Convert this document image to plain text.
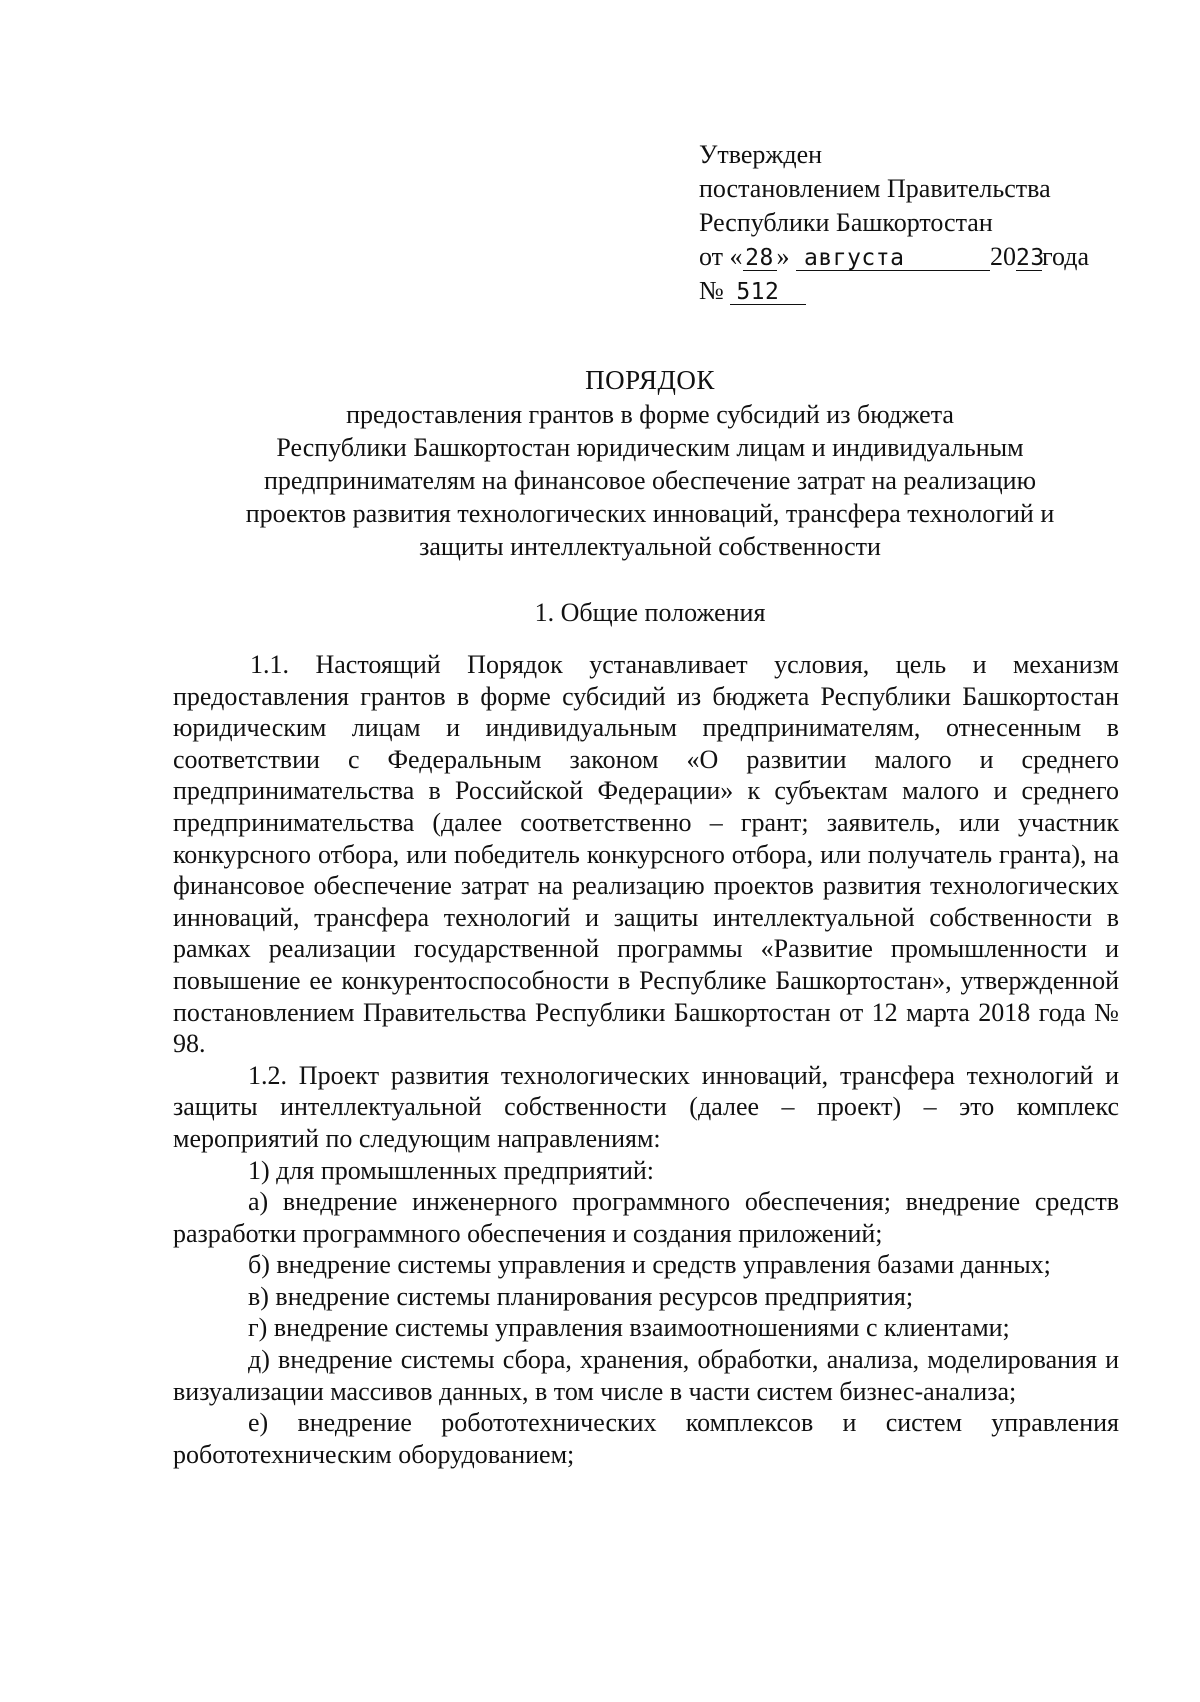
Утвержден
постановлением Правительства
Республики Башкортостан
от « 28 » августа	2023года
№ 512
ПОРЯДОК
предоставления грантов в форме субсидий из бюджета
Республики Башкортостан юридическим лицам и индивидуальным
предпринимателям на финансовое обеспечение затрат на реализацию
проектов развития технологических инноваций, трансфера технологий и
защиты интеллектуальной собственности
1. Общие положения

1.1. Настоящий Порядок устанавливает условия, цель и механизм предоставления грантов в форме субсидий из бюджета Республики Башкортостан юридическим лицам и индивидуальным предпринимателям, отнесенным в соответствии с Федеральным законом «О развитии малого и среднего предпринимательства в Российской Федерации» к субъектам малого и среднего предпринимательства (далее соответственно – грант; заявитель, или участник конкурсного отбора, или победитель конкурсного отбора, или получатель гранта), на финансовое обеспечение затрат на реализацию проектов развития технологических инноваций, трансфера технологий и защиты интеллектуальной собственности в рамках реализации государственной программы «Развитие промышленности и повышение ее конкурентоспособности в Республике Башкортостан», утвержденной постановлением Правительства Республики Башкортостан от 12 марта 2018 года № 98.

1.2. Проект развития технологических инноваций, трансфера технологий и защиты интеллектуальной собственности (далее – проект) – это комплекс мероприятий по следующим направлениям:

1) для промышленных предприятий:

а) внедрение инженерного программного обеспечения; внедрение средств разработки программного обеспечения и создания приложений;

б) внедрение системы управления и средств управления базами данных;

в) внедрение системы планирования ресурсов предприятия;

г) внедрение системы управления взаимоотношениями с клиентами;

д) внедрение системы сбора, хранения, обработки, анализа, моделирования и визуализации массивов данных, в том числе в части систем бизнес-анализа;

е) внедрение робототехнических комплексов и систем управления робототехническим оборудованием;
